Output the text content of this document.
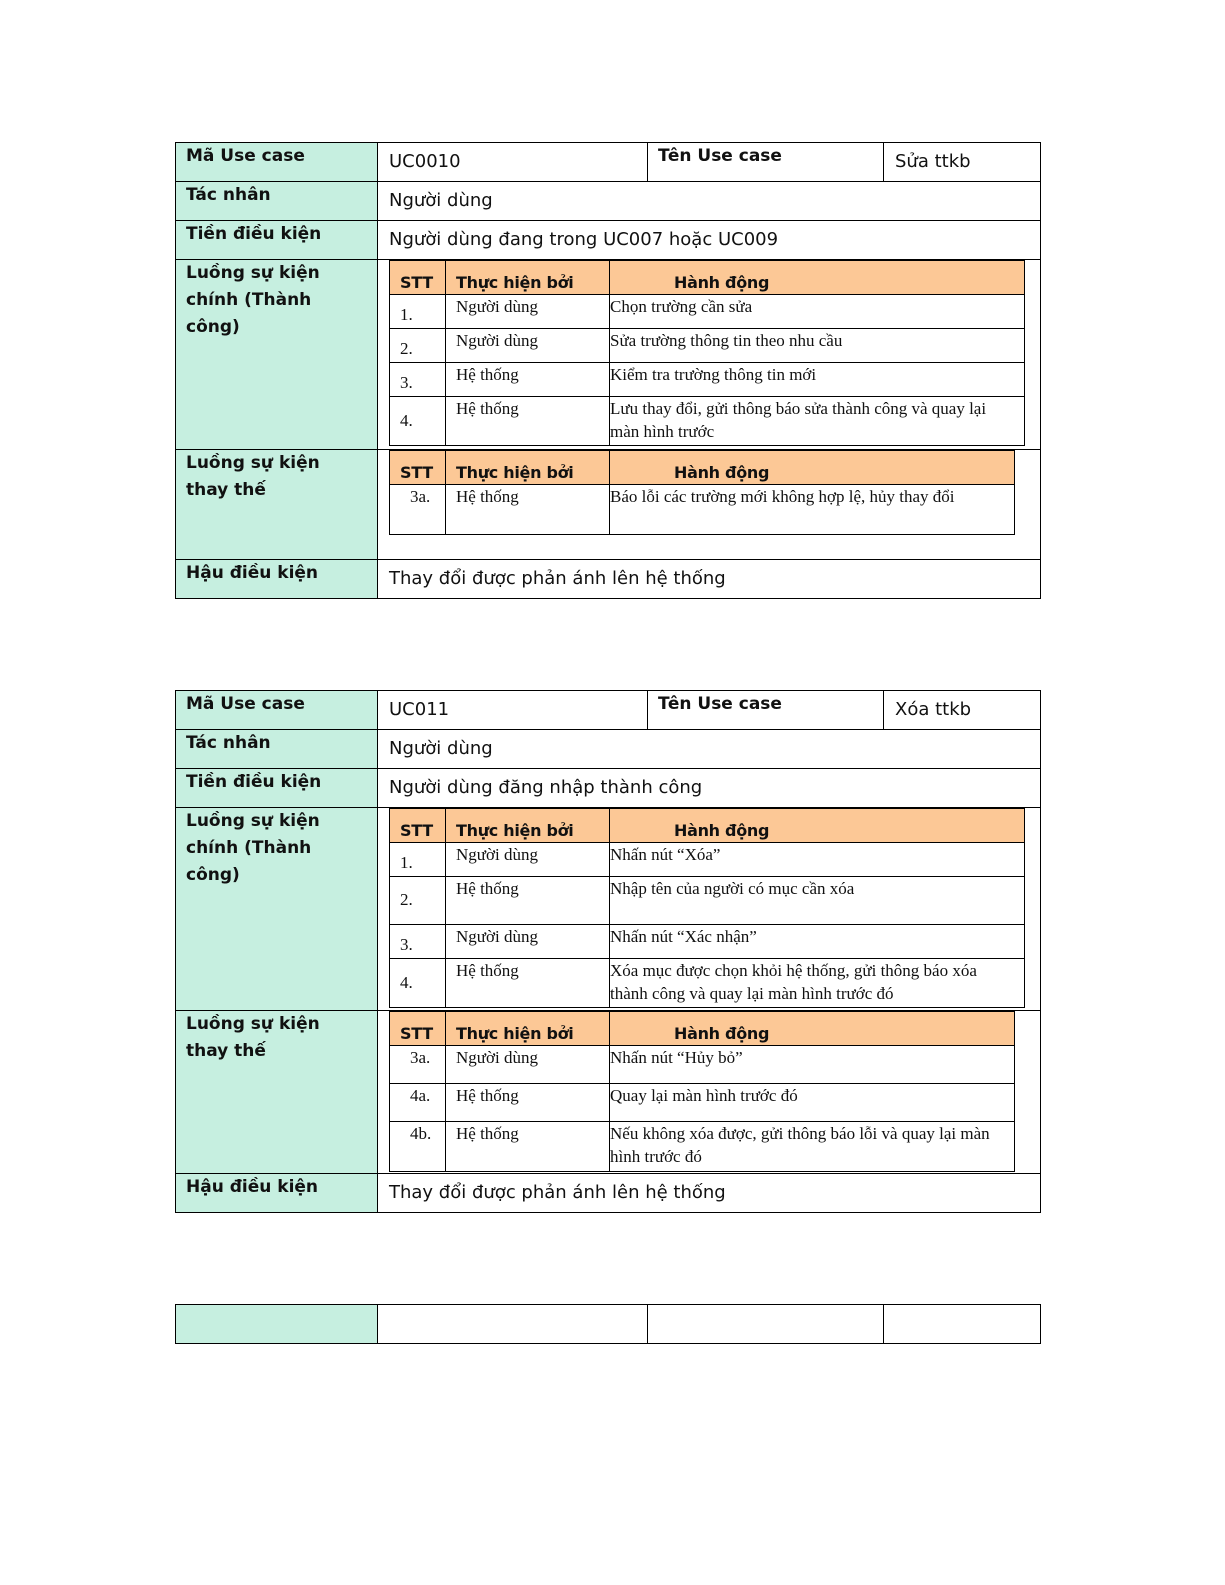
Mã Use case	UC0010	Tên Use case	Sửa ttkb
Tác nhân	Người dùng
Tiền điều kiện	Người dùng đang trong UC007 hoặc UC009
Luồng sự kiện chính (Thành công)	
STT	Thực hiện bởi	Hành động
1.	Người dùng	Chọn trường cần sửa
2.	Người dùng	Sửa trường thông tin theo nhu cầu
3.	Hệ thống	Kiểm tra trường thông tin mới
4.	Hệ thống	Lưu thay đổi, gửi thông báo sửa thành công và quay lại màn hình trước

Luồng sự kiện thay thế	
STT	Thực hiện bởi	Hành động
3a.	Hệ thống	Báo lỗi các trường mới không hợp lệ, hủy thay đổi

Hậu điều kiện	Thay đổi được phản ánh lên hệ thống
Mã Use case	UC011	Tên Use case	Xóa ttkb
Tác nhân	Người dùng
Tiền điều kiện	Người dùng đăng nhập thành công
Luồng sự kiện chính (Thành công)	
STT	Thực hiện bởi	Hành động
1.	Người dùng	Nhấn nút “Xóa”
2.	Hệ thống	Nhập tên của người có mục cần xóa
3.	Người dùng	Nhấn nút “Xác nhận”
4.	Hệ thống	Xóa mục được chọn khỏi hệ thống, gửi thông báo xóa thành công và quay lại màn hình trước đó

Luồng sự kiện thay thế	
STT	Thực hiện bởi	Hành động
3a.	Người dùng	Nhấn nút “Hủy bỏ”
4a.	Hệ thống	Quay lại màn hình trước đó
4b.	Hệ thống	Nếu không xóa được, gửi thông báo lỗi và quay lại màn hình trước đó

Hậu điều kiện	Thay đổi được phản ánh lên hệ thống
